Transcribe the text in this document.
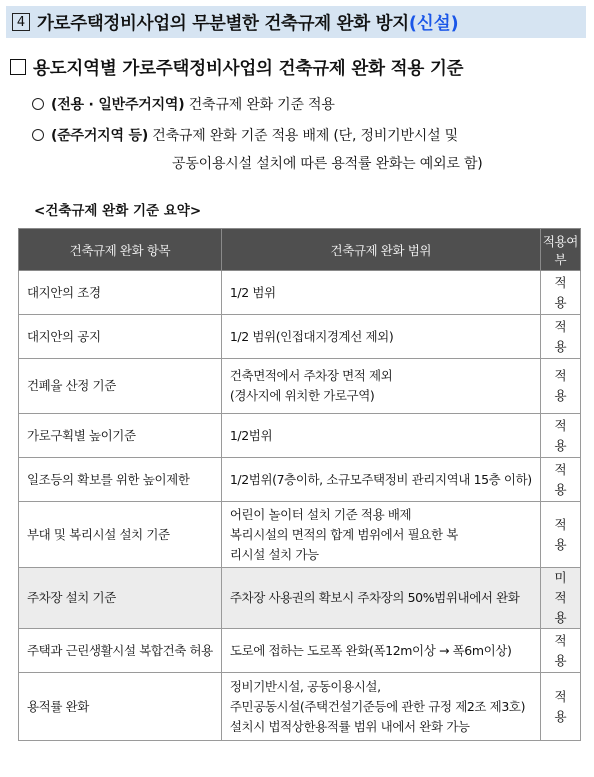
4 가로주택정비사업의 무분별한 건축규제 완화 방지 (신설)
용도지역별 가로주택정비사업의 건축규제 완화 적용 기준
(전용 · 일반주거지역) 건축규제 완화 기준 적용
(준주거지역 등) 건축규제 완화 기준 적용 배제 (단, 정비기반시설 및
공동이용시설 설치에 따른 용적률 완화는 예외로 함)
<건축규제 완화 기준 요약>
건축규제 완화 항목	건축규제 완화 범위	적용여부
대지안의 조경	1/2 범위	적용
대지안의 공지	1/2 범위(인접대지경계선 제외)	적용
건폐율 산정 기준	건축면적에서 주차장 면적 제외
(경사지에 위치한 가로구역)	적용
가로구획별 높이기준	1/2범위	적용
일조등의 확보를 위한 높이제한	1/2범위(7층이하, 소규모주택정비 관리지역내 15층 이하)	적용
부대 및 복리시설 설치 기준	어린이 놀이터 설치 기준 적용 배제
복리시설의 면적의 합계 범위에서 필요한 복
리시설 설치 가능	적용
주차장 설치 기준	주차장 사용권의 확보시 주차장의 50%범위내에서 완화	미적용
주택과 근린생활시설 복합건축 허용	도로에 접하는 도로폭 완화(폭12m이상 → 폭6m이상)	적용
용적률 완화	정비기반시설, 공동이용시설,
주민공동시설(주택건설기준등에 관한 규정 제2조 제3호)
설치시 법적상한용적률 범위 내에서 완화 가능	적용
